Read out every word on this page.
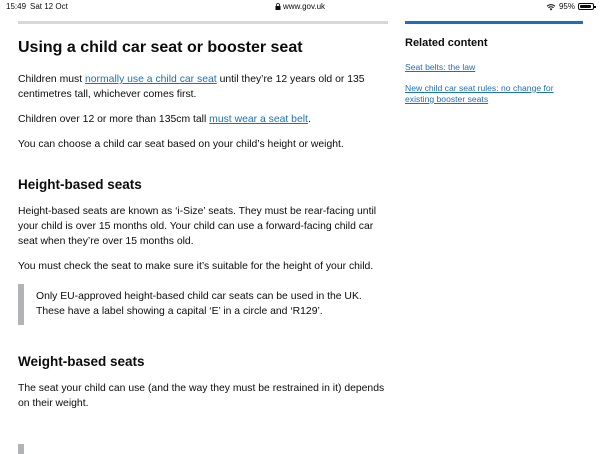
15:49 Sat 12 Oct	www.gov.uk	95%
Using a child car seat or booster seat

Children must normally use a child car seat until they’re 12 years old or 135 centimetres tall, whichever comes first.

Children over 12 or more than 135cm tall must wear a seat belt.

You can choose a child car seat based on your child’s height or weight.

Height-based seats

Height-based seats are known as ‘i-Size’ seats. They must be rear-facing until your child is over 15 months old. Your child can use a forward-facing child car seat when they’re over 15 months old.

You must check the seat to make sure it’s suitable for the height of your child.

Only EU-approved height-based child car seats can be used in the UK. These have a label showing a capital ‘E’ in a circle and ‘R129’.

Weight-based seats

The seat your child can use (and the way they must be restrained in it) depends on their weight.

Related content
Seat belts: the law
New child car seat rules: no change for existing booster seats
